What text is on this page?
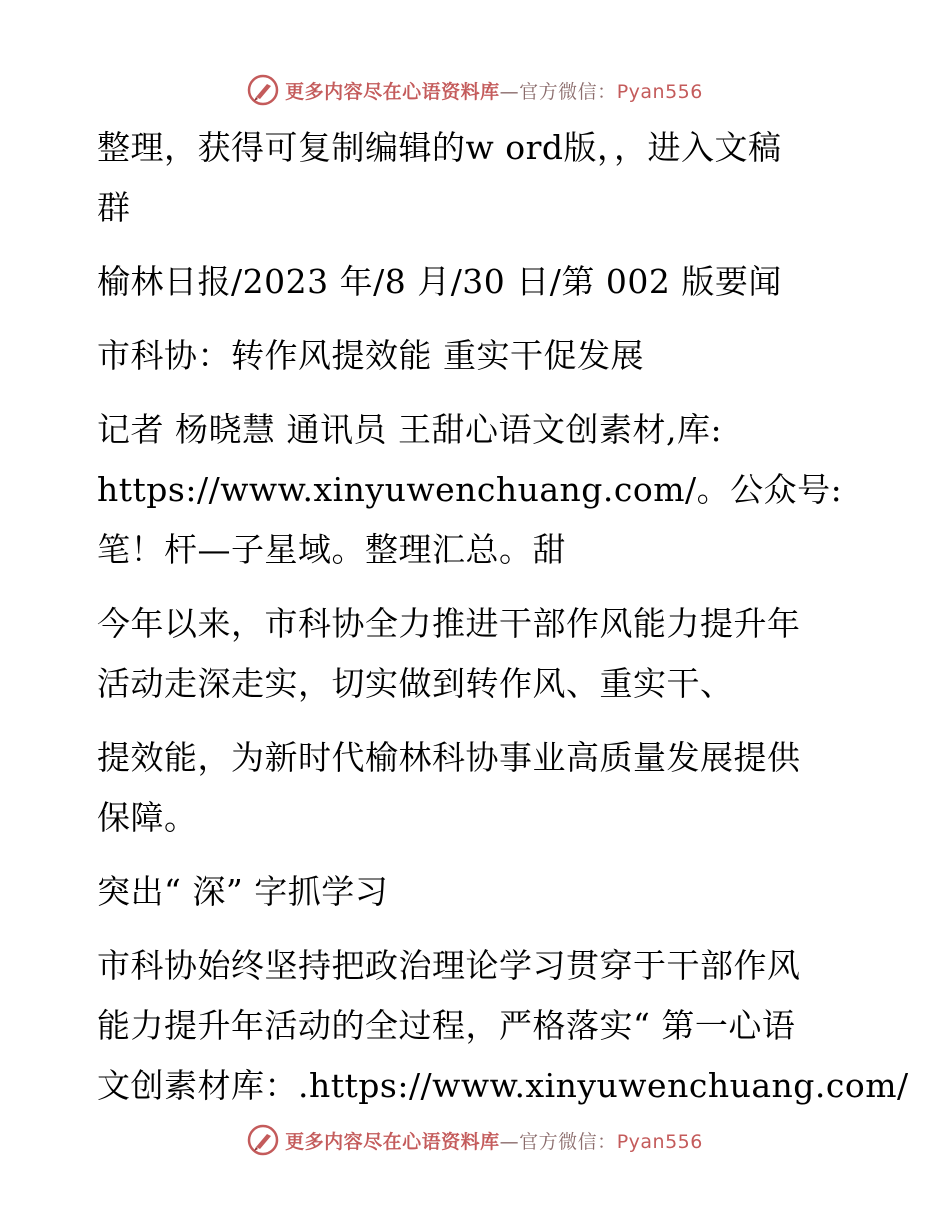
更多内容尽在心语资料库—官方微信：Pyan556
整理，获得可复制编辑的w ord版，，进入文稿
群
榆林日报/2023 年/8 月/30 日/第 002 版要闻
市科协：转作风提效能 重实干促发展
记者 杨晓慧 通讯员 王甜心语文创素材,库:
https://www.xinyuwenchuang.com/。公众号:
笔！杆—子星域。整理汇总。甜
今年以来，市科协全力推进干部作风能力提升年
活动走深走实，切实做到转作风、重实干、
提效能，为新时代榆林科协事业高质量发展提供
保障。
突出“ 深” 字抓学习
市科协始终坚持把政治理论学习贯穿于干部作风
能力提升年活动的全过程，严格落实“ 第一心语
文创素材库：.https://www.xinyuwenchuang.com/
更多内容尽在心语资料库—官方微信：Pyan556
